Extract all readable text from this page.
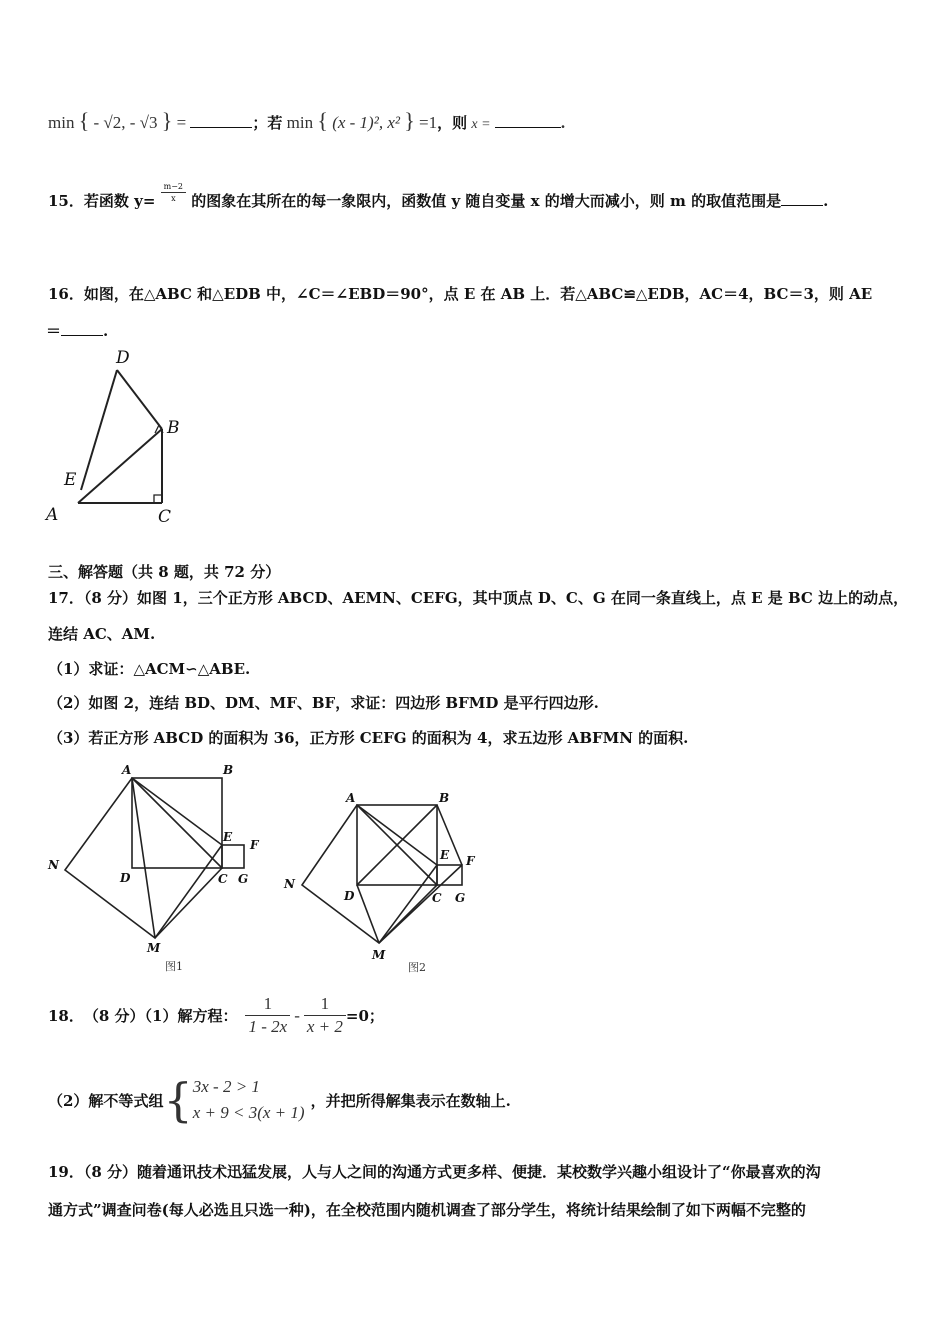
min { - √2, - √3 } =	；若 min { (x - 1)², x² } =1，则 x =	.
15．若函数 $y= \frac{m-2}{x}$ 的图象在其所在的每一象限内，函数值 y 随自变量 x 的增大而减小，则 m 的取值范围是	.
16．如图，在△ABC 和△EDB 中，∠C＝∠EBD＝90°，点 E 在 AB 上．若△ABC≌△EDB，AC＝4，BC＝3，则 AE
＝	.
D
B
E
A	C
三、解答题（共 8 题，共 72 分）
17．（8 分）如图 1，三个正方形 ABCD、AEMN、CEFG，其中顶点 D、C、G 在同一条直线上，点 E 是 BC 边上的动点，
连结 AC、AM.
（1）求证：△ACM∽△ABE.
（2）如图 2，连结 BD、DM、MF、BF，求证：四边形 BFMD 是平行四边形.
（3）若正方形 ABCD 的面积为 36，正方形 CEFG 的面积为 4，求五边形 ABFMN 的面积.
A	B
E
F
N
D	C G
M
图1
A	B
E F
N
D	C G
M
图2
18． （8 分）（1）解方程： $\frac{1}{1 - 2x} - \frac{1}{x + 2} =0$；
（2）解不等式组 { 3x - 2 > 1
x + 9 < 3(x + 1)
，并把所得解集表示在数轴上.
19．（8 分）随着通讯技术迅猛发展，人与人之间的沟通方式更多样、便捷．某校数学兴趣小组设计了“你最喜欢的沟
通方式”调查问卷(每人必选且只选一种)，在全校范围内随机调查了部分学生，将统计结果绘制了如下两幅不完整的
